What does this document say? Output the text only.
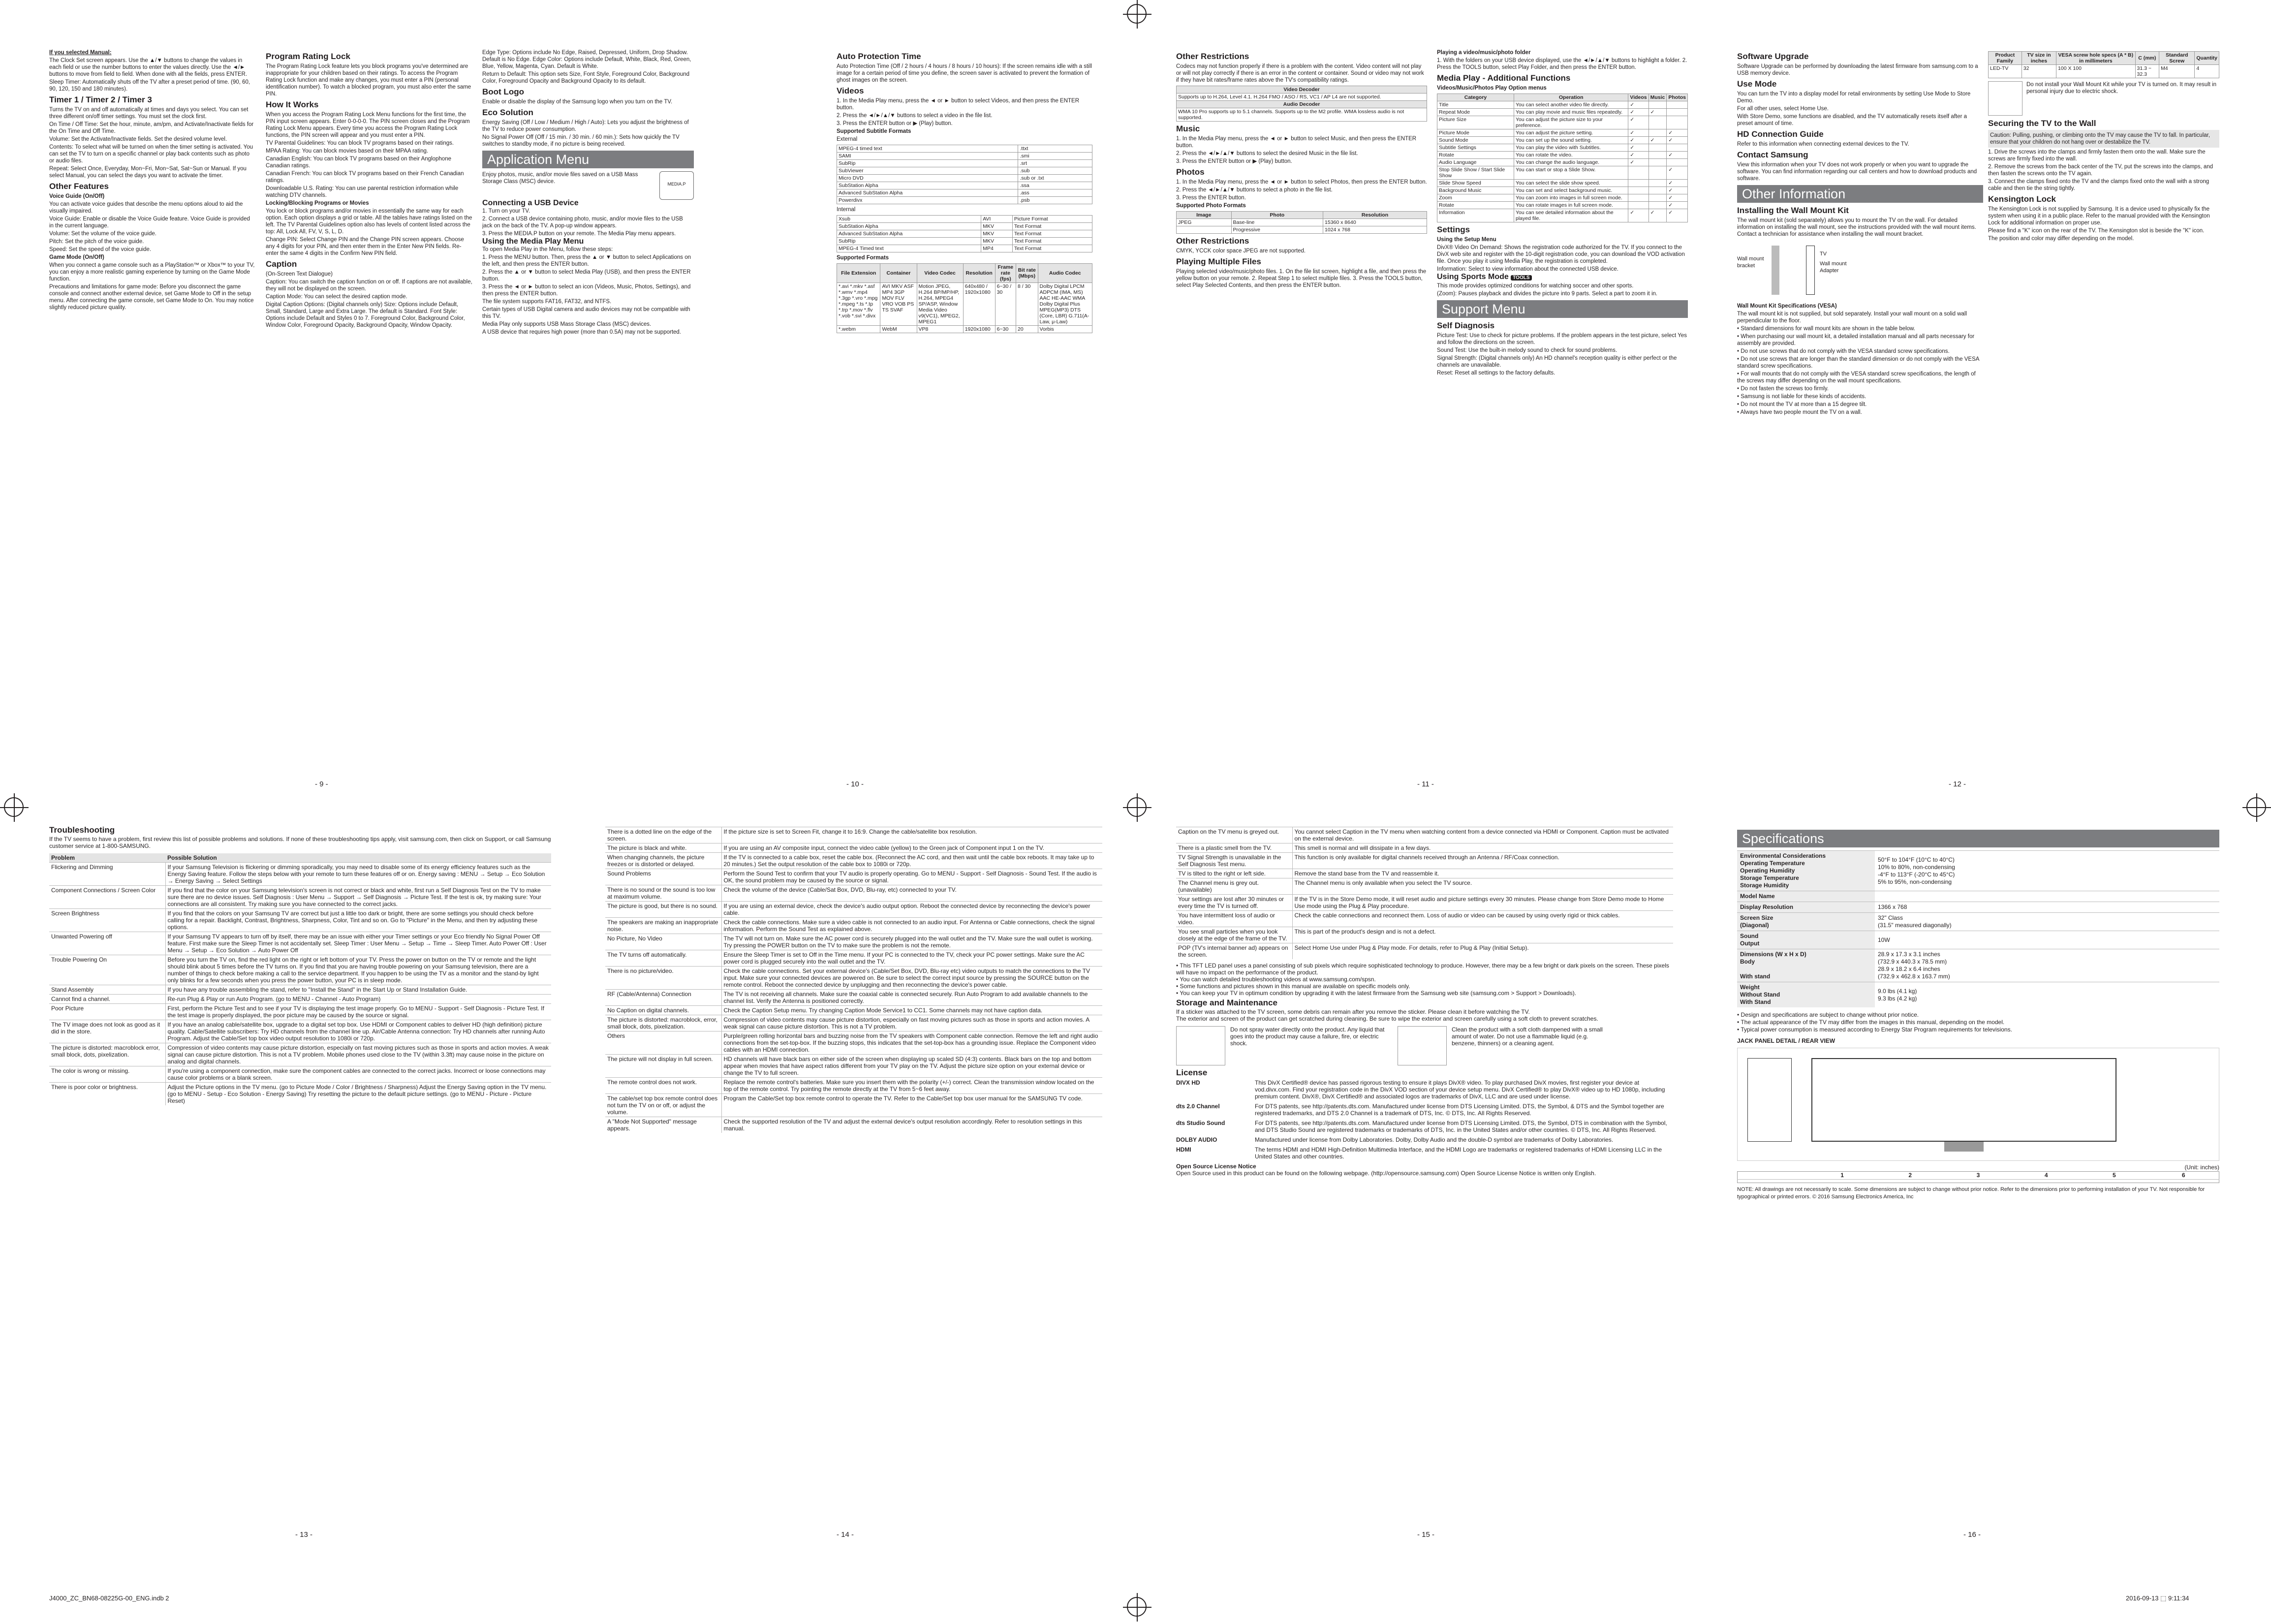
If you selected Manual:

The Clock Set screen appears. Use the ▲/▼ buttons to change the values in each field or use the number buttons to enter the values directly. Use the ◄/► buttons to move from field to field. When done with all the fields, press ENTER.

Sleep Timer: Automatically shuts off the TV after a preset period of time. (90, 60, 90, 120, 150 and 180 minutes).

Timer 1 / Timer 2 / Timer 3

Turns the TV on and off automatically at times and days you select. You can set three different on/off timer settings. You must set the clock first.

On Time / Off Time: Set the hour, minute, am/pm, and Activate/Inactivate fields for the On Time and Off Time.

Volume: Set the Activate/Inactivate fields. Set the desired volume level.

Contents: To select what will be turned on when the timer setting is activated. You can set the TV to turn on a specific channel or play back contents such as photo or audio files.

Repeat: Select Once, Everyday, Mon~Fri, Mon~Sat, Sat~Sun or Manual. If you select Manual, you can select the days you want to activate the timer.

Other Features

Voice Guide (On/Off)

You can activate voice guides that describe the menu options aloud to aid the visually impaired.

Voice Guide: Enable or disable the Voice Guide feature. Voice Guide is provided in the current language.

Volume: Set the volume of the voice guide.

Pitch: Set the pitch of the voice guide.

Speed: Set the speed of the voice guide.

Game Mode (On/Off)

When you connect a game console such as a PlayStation™ or Xbox™ to your TV, you can enjoy a more realistic gaming experience by turning on the Game Mode function.

Precautions and limitations for game mode: Before you disconnect the game console and connect another external device, set Game Mode to Off in the setup menu. After connecting the game console, set Game Mode to On. You may notice slightly reduced picture quality.

Program Rating Lock

The Program Rating Lock feature lets you block programs you've determined are inappropriate for your children based on their ratings. To access the Program Rating Lock function and make any changes, you must enter a PIN (personal identification number). To watch a blocked program, you must also enter the same PIN.

How It Works

When you access the Program Rating Lock Menu functions for the first time, the PIN input screen appears. Enter 0-0-0-0. The PIN screen closes and the Program Rating Lock Menu appears. Every time you access the Program Rating Lock functions, the PIN screen will appear and you must enter a PIN.

TV Parental Guidelines: You can block TV programs based on their ratings.

MPAA Rating: You can block movies based on their MPAA rating.

Canadian English: You can block TV programs based on their Anglophone Canadian ratings.

Canadian French: You can block TV programs based on their French Canadian ratings.

Downloadable U.S. Rating: You can use parental restriction information while watching DTV channels.

Locking/Blocking Programs or Movies

You lock or block programs and/or movies in essentially the same way for each option. Each option displays a grid or table. All the tables have ratings listed on the left. The TV Parental Guidelines option also has levels of content listed across the top: All, Lock All, FV, V, S, L, D.

Change PIN: Select Change PIN and the Change PIN screen appears. Choose any 4 digits for your PIN, and then enter them in the Enter New PIN fields. Re-enter the same 4 digits in the Confirm New PIN field.

Caption

(On-Screen Text Dialogue)

Caption: You can switch the caption function on or off. If captions are not available, they will not be displayed on the screen.

Caption Mode: You can select the desired caption mode.

Digital Caption Options: (Digital channels only) Size: Options include Default, Small, Standard, Large and Extra Large. The default is Standard. Font Style: Options include Default and Styles 0 to 7. Foreground Color, Background Color, Window Color, Foreground Opacity, Background Opacity, Window Opacity.

Edge Type: Options include No Edge, Raised, Depressed, Uniform, Drop Shadow. Default is No Edge. Edge Color: Options include Default, White, Black, Red, Green, Blue, Yellow, Magenta, Cyan. Default is White.

Return to Default: This option sets Size, Font Style, Foreground Color, Background Color, Foreground Opacity and Background Opacity to its default.

Boot Logo

Enable or disable the display of the Samsung logo when you turn on the TV.

Eco Solution

Energy Saving (Off / Low / Medium / High / Auto): Lets you adjust the brightness of the TV to reduce power consumption.

No Signal Power Off (Off / 15 min. / 30 min. / 60 min.): Sets how quickly the TV switches to standby mode, if no picture is being received.

Application Menu

Enjoy photos, music, and/or movie files saved on a USB Mass Storage Class (MSC) device.	MEDIA.P

Connecting a USB Device

1. Turn on your TV.

2. Connect a USB device containing photo, music, and/or movie files to the USB jack on the back of the TV. A pop-up window appears.

3. Press the MEDIA.P button on your remote. The Media Play menu appears.

Using the Media Play Menu

To open Media Play in the Menu, follow these steps:

1. Press the MENU button. Then, press the ▲ or ▼ button to select Applications on the left, and then press the ENTER button.

2. Press the ▲ or ▼ button to select Media Play (USB), and then press the ENTER button.

3. Press the ◄ or ► button to select an icon (Videos, Music, Photos, Settings), and then press the ENTER button.

The file system supports FAT16, FAT32, and NTFS.

Certain types of USB Digital camera and audio devices may not be compatible with this TV.

Media Play only supports USB Mass Storage Class (MSC) devices.

A USB device that requires high power (more than 0.5A) may not be supported.

Auto Protection Time

Auto Protection Time (Off / 2 hours / 4 hours / 8 hours / 10 hours): If the screen remains idle with a still image for a certain period of time you define, the screen saver is activated to prevent the formation of ghost images on the screen.

Videos

1. In the Media Play menu, press the ◄ or ► button to select Videos, and then press the ENTER button.

2. Press the ◄/►/▲/▼ buttons to select a video in the file list.

3. Press the ENTER button or ▶ (Play) button.

Supported Subtitle Formats

External

MPEG-4 timed text	.ttxt
SAMI	.smi
SubRip	.srt
SubViewer	.sub
Micro DVD	.sub or .txt
SubStation Alpha	.ssa
Advanced SubStation Alpha	.ass
Powerdivx	.psb

Internal

Xsub	AVI	Picture Format
SubStation Alpha	MKV	Text Format
Advanced SubStation Alpha	MKV	Text Format
SubRip	MKV	Text Format
MPEG-4 Timed text	MP4	Text Format

Supported Formats

File Extension	Container	Video Codec	Resolution	Frame rate (fps)	Bit rate (Mbps)	Audio Codec
*.avi *.mkv *.asf *.wmv *.mp4 *.3gp *.vro *.mpg *.mpeg *.ts *.tp *.trp *.mov *.flv *.vob *.svi *.divx	AVI MKV ASF MP4 3GP MOV FLV VRO VOB PS TS SVAF	Motion JPEG, H.264 BP/MP/HP, H.264, MPEG4 SP/ASP, Window Media Video v9(VC1), MPEG2, MPEG1	640x480 / 1920x1080	6~30 / 30	8 / 30	Dolby Digital LPCM ADPCM (IMA, MS) AAC HE-AAC WMA Dolby Digital Plus MPEG(MP3) DTS (Core, LBR) G.711(A-Law, μ-Law)
*.webm	WebM	VP8	1920x1080	6~30	20	Vorbis
Other Restrictions

Codecs may not function properly if there is a problem with the content. Video content will not play or will not play correctly if there is an error in the content or container. Sound or video may not work if they have bit rates/frame rates above the TV's compatibility ratings.

Video Decoder
Supports up to H.264, Level 4.1. H.264 FMO / ASO / RS, VC1 / AP L4 are not supported.
Audio Decoder
WMA 10 Pro supports up to 5.1 channels. Supports up to the M2 profile. WMA lossless audio is not supported.
Music

1. In the Media Play menu, press the ◄ or ► button to select Music, and then press the ENTER button.

2. Press the ◄/►/▲/▼ buttons to select the desired Music in the file list.

3. Press the ENTER button or ▶ (Play) button.

Photos

1. In the Media Play menu, press the ◄ or ► button to select Photos, then press the ENTER button.

2. Press the ◄/►/▲/▼ buttons to select a photo in the file list.

3. Press the ENTER button.

Supported Photo Formats

Image	Photo	Resolution
JPEG	Base-line	15360 x 8640
	Progressive	1024 x 768
Other Restrictions

CMYK, YCCK color space JPEG are not supported.

Playing Multiple Files

Playing selected video/music/photo files. 1. On the file list screen, highlight a file, and then press the yellow button on your remote. 2. Repeat Step 1 to select multiple files. 3. Press the TOOLS button, select Play Selected Contents, and then press the ENTER button.

Playing a video/music/photo folder

1. With the folders on your USB device displayed, use the ◄/►/▲/▼ buttons to highlight a folder. 2. Press the TOOLS button, select Play Folder, and then press the ENTER button.

Media Play - Additional Functions

Videos/Music/Photos Play Option menus

Category	Operation	Videos	Music	Photos
Title	You can select another video file directly.	✓		
Repeat Mode	You can play movie and music files repeatedly.	✓	✓	
Picture Size	You can adjust the picture size to your preference.	✓		
Picture Mode	You can adjust the picture setting.	✓		✓
Sound Mode	You can set up the sound setting.	✓	✓	✓
Subtitle Settings	You can play the video with Subtitles.	✓		
Rotate	You can rotate the video.	✓		✓
Audio Language	You can change the audio language.	✓		
Stop Slide Show / Start Slide Show	You can start or stop a Slide Show.			✓
Slide Show Speed	You can select the slide show speed.			✓
Background Music	You can set and select background music.			✓
Zoom	You can zoom into images in full screen mode.			✓
Rotate	You can rotate images in full screen mode.			✓
Information	You can see detailed information about the played file.	✓	✓	✓
Settings

Using the Setup Menu

DivX® Video On Demand: Shows the registration code authorized for the TV. If you connect to the DivX web site and register with the 10-digit registration code, you can download the VOD activation file. Once you play it using Media Play, the registration is completed.

Information: Select to view information about the connected USB device.

Using Sports Mode TOOLS

This mode provides optimized conditions for watching soccer and other sports.

(Zoom): Pauses playback and divides the picture into 9 parts. Select a part to zoom it in.

Support Menu
Self Diagnosis

Picture Test: Use to check for picture problems. If the problem appears in the test picture, select Yes and follow the directions on the screen.

Sound Test: Use the built-in melody sound to check for sound problems.

Signal Strength: (Digital channels only) An HD channel's reception quality is either perfect or the channels are unavailable.

Reset: Reset all settings to the factory defaults.

Software Upgrade

Software Upgrade can be performed by downloading the latest firmware from samsung.com to a USB memory device.

Use Mode

You can turn the TV into a display model for retail environments by setting Use Mode to Store Demo.

For all other uses, select Home Use.

With Store Demo, some functions are disabled, and the TV automatically resets itself after a preset amount of time.

HD Connection Guide

Refer to this information when connecting external devices to the TV.

Contact Samsung

View this information when your TV does not work properly or when you want to upgrade the software. You can find information regarding our call centers and how to download products and software.

Other Information
Installing the Wall Mount Kit

The wall mount kit (sold separately) allows you to mount the TV on the wall. For detailed information on installing the wall mount, see the instructions provided with the wall mount items. Contact a technician for assistance when installing the wall mount bracket.

Wall mount bracket
TV
Wall mount Adapter

Wall Mount Kit Specifications (VESA)

The wall mount kit is not supplied, but sold separately. Install your wall mount on a solid wall perpendicular to the floor.

• Standard dimensions for wall mount kits are shown in the table below.

• When purchasing our wall mount kit, a detailed installation manual and all parts necessary for assembly are provided.

• Do not use screws that do not comply with the VESA standard screw specifications.

• Do not use screws that are longer than the standard dimension or do not comply with the VESA standard screw specifications.

• For wall mounts that do not comply with the VESA standard screw specifications, the length of the screws may differ depending on the wall mount specifications.

• Do not fasten the screws too firmly.

• Samsung is not liable for these kinds of accidents.

• Do not mount the TV at more than a 15 degree tilt.

• Always have two people mount the TV on a wall.

Product Family	TV size in inches	VESA screw hole specs (A * B) in millimeters	C (mm)	Standard Screw	Quantity
LED-TV	32	100 X 100	31.3 ~ 32.3	M4	4

Do not install your Wall Mount Kit while your TV is turned on. It may result in personal injury due to electric shock.

Securing the TV to the Wall

Caution: Pulling, pushing, or climbing onto the TV may cause the TV to fall. In particular, ensure that your children do not hang over or destabilize the TV.

1. Drive the screws into the clamps and firmly fasten them onto the wall. Make sure the screws are firmly fixed into the wall.

2. Remove the screws from the back center of the TV, put the screws into the clamps, and then fasten the screws onto the TV again.

3. Connect the clamps fixed onto the TV and the clamps fixed onto the wall with a strong cable and then tie the string tightly.

Kensington Lock

The Kensington Lock is not supplied by Samsung. It is a device used to physically fix the system when using it in a public place. Refer to the manual provided with the Kensington Lock for additional information on proper use.

Please find a "K" icon on the rear of the TV. The Kensington slot is beside the "K" icon.

The position and color may differ depending on the model.

- 9 -	- 10 -	- 11 -	- 12 -
Troubleshooting

If the TV seems to have a problem, first review this list of possible problems and solutions. If none of these troubleshooting tips apply, visit samsung.com, then click on Support, or call Samsung customer service at 1-800-SAMSUNG.

Problem	Possible Solution
Flickering and Dimming	If your Samsung Television is flickering or dimming sporadically, you may need to disable some of its energy efficiency features such as the Energy Saving feature. Follow the steps below with your remote to turn these features off or on. Energy saving : MENU → Setup → Eco Solution → Energy Saving → Select Settings
Component Connections / Screen Color	If you find that the color on your Samsung television's screen is not correct or black and white, first run a Self Diagnosis Test on the TV to make sure there are no device issues. Self Diagnosis : User Menu → Support → Self Diagnosis → Picture Test. If the test is ok, try making sure: Your connections are all consistent. Try making sure you have connected to the correct jacks.
Screen Brightness	If you find that the colors on your Samsung TV are correct but just a little too dark or bright, there are some settings you should check before calling for a repair. Backlight, Contrast, Brightness, Sharpness, Color, Tint and so on. Go to "Picture" in the Menu, and then try adjusting these options.
Unwanted Powering off	If your Samsung TV appears to turn off by itself, there may be an issue with either your Timer settings or your Eco friendly No Signal Power Off feature. First make sure the Sleep Timer is not accidentally set. Sleep Timer : User Menu → Setup → Time → Sleep Timer. Auto Power Off : User Menu → Setup → Eco Solution → Auto Power Off
Trouble Powering On	Before you turn the TV on, find the red light on the right or left bottom of your TV. Press the power on button on the TV or remote and the light should blink about 5 times before the TV turns on. If you find that you are having trouble powering on your Samsung television, there are a number of things to check before making a call to the service department. If you happen to be using the TV as a monitor and the stand-by light only blinks for a few seconds when you press the power button, your PC is in sleep mode.
Stand Assembly	If you have any trouble assembling the stand, refer to "Install the Stand" in the Start Up or Stand Installation Guide.
Cannot find a channel.	Re-run Plug & Play or run Auto Program. (go to MENU - Channel - Auto Program)
Poor Picture	First, perform the Picture Test and to see if your TV is displaying the test image properly. Go to MENU - Support - Self Diagnosis - Picture Test. If the test image is properly displayed, the poor picture may be caused by the source or signal.
The TV image does not look as good as it did in the store.	If you have an analog cable/satellite box, upgrade to a digital set top box. Use HDMI or Component cables to deliver HD (high definition) picture quality. Cable/Satellite subscribers: Try HD channels from the channel line up. Air/Cable Antenna connection: Try HD channels after running Auto Program. Adjust the Cable/Set top box video output resolution to 1080i or 720p.
The picture is distorted: macroblock error, small block, dots, pixelization.	Compression of video contents may cause picture distortion, especially on fast moving pictures such as those in sports and action movies. A weak signal can cause picture distortion. This is not a TV problem. Mobile phones used close to the TV (within 3.3ft) may cause noise in the picture on analog and digital channels.
The color is wrong or missing.	If you're using a component connection, make sure the component cables are connected to the correct jacks. Incorrect or loose connections may cause color problems or a blank screen.
There is poor color or brightness.	Adjust the Picture options in the TV menu. (go to Picture Mode / Color / Brightness / Sharpness) Adjust the Energy Saving option in the TV menu. (go to MENU - Setup - Eco Solution - Energy Saving) Try resetting the picture to the default picture settings. (go to MENU - Picture - Picture Reset)
There is a dotted line on the edge of the screen.	If the picture size is set to Screen Fit, change it to 16:9. Change the cable/satellite box resolution.
The picture is black and white.	If you are using an AV composite input, connect the video cable (yellow) to the Green jack of Component input 1 on the TV.
When changing channels, the picture freezes or is distorted or delayed.	If the TV is connected to a cable box, reset the cable box. (Reconnect the AC cord, and then wait until the cable box reboots. It may take up to 20 minutes.) Set the output resolution of the cable box to 1080i or 720p.
Sound Problems	Perform the Sound Test to confirm that your TV audio is properly operating. Go to MENU - Support - Self Diagnosis - Sound Test. If the audio is OK, the sound problem may be caused by the source or signal.
There is no sound or the sound is too low at maximum volume.	Check the volume of the device (Cable/Sat Box, DVD, Blu-ray, etc) connected to your TV.
The picture is good, but there is no sound.	If you are using an external device, check the device's audio output option. Reboot the connected device by reconnecting the device's power cable.
The speakers are making an inappropriate noise.	Check the cable connections. Make sure a video cable is not connected to an audio input. For Antenna or Cable connections, check the signal information. Perform the Sound Test as explained above.
No Picture, No Video	The TV will not turn on. Make sure the AC power cord is securely plugged into the wall outlet and the TV. Make sure the wall outlet is working. Try pressing the POWER button on the TV to make sure the problem is not the remote.
The TV turns off automatically.	Ensure the Sleep Timer is set to Off in the Time menu. If your PC is connected to the TV, check your PC power settings. Make sure the AC power cord is plugged securely into the wall outlet and the TV.
There is no picture/video.	Check the cable connections. Set your external device's (Cable/Set Box, DVD, Blu-ray etc) video outputs to match the connections to the TV input. Make sure your connected devices are powered on. Be sure to select the correct input source by pressing the SOURCE button on the remote control. Reboot the connected device by unplugging and then reconnecting the device's power cable.
RF (Cable/Antenna) Connection	The TV is not receiving all channels. Make sure the coaxial cable is connected securely. Run Auto Program to add available channels to the channel list. Verify the Antenna is positioned correctly.
No Caption on digital channels.	Check the Caption Setup menu. Try changing Caption Mode Service1 to CC1. Some channels may not have caption data.
The picture is distorted: macroblock, error, small block, dots, pixelization.	Compression of video contents may cause picture distortion, especially on fast moving pictures such as those in sports and action movies. A weak signal can cause picture distortion. This is not a TV problem.
Others	Purple/green rolling horizontal bars and buzzing noise from the TV speakers with Component cable connection. Remove the left and right audio connections from the set-top-box. If the buzzing stops, this indicates that the set-top-box has a grounding issue. Replace the Component video cables with an HDMI connection.
The picture will not display in full screen.	HD channels will have black bars on either side of the screen when displaying up scaled SD (4:3) contents. Black bars on the top and bottom appear when movies that have aspect ratios different from your TV play on the TV. Adjust the picture size option on your external device or change the TV to full screen.
The remote control does not work.	Replace the remote control's batteries. Make sure you insert them with the polarity (+/-) correct. Clean the transmission window located on the top of the remote control. Try pointing the remote directly at the TV from 5~6 feet away.
The cable/set top box remote control does not turn the TV on or off, or adjust the volume.	Program the Cable/Set top box remote control to operate the TV. Refer to the Cable/Set top box user manual for the SAMSUNG TV code.
A "Mode Not Supported" message appears.	Check the supported resolution of the TV and adjust the external device's output resolution accordingly. Refer to resolution settings in this manual.
Caption on the TV menu is greyed out.	You cannot select Caption in the TV menu when watching content from a device connected via HDMI or Component. Caption must be activated on the external device.
There is a plastic smell from the TV.	This smell is normal and will dissipate in a few days.
TV Signal Strength is unavailable in the Self Diagnosis Test menu.	This function is only available for digital channels received through an Antenna / RF/Coax connection.
TV is tilted to the right or left side.	Remove the stand base from the TV and reassemble it.
The Channel menu is grey out. (unavailable)	The Channel menu is only available when you select the TV source.
Your settings are lost after 30 minutes or every time the TV is turned off.	If the TV is in the Store Demo mode, it will reset audio and picture settings every 30 minutes. Please change from Store Demo mode to Home Use mode using the Plug & Play procedure.
You have intermittent loss of audio or video.	Check the cable connections and reconnect them. Loss of audio or video can be caused by using overly rigid or thick cables.
You see small particles when you look closely at the edge of the frame of the TV.	This is part of the product's design and is not a defect.
POP (TV's internal banner ad) appears on the screen.	Select Home Use under Plug & Play mode. For details, refer to Plug & Play (Initial Setup).

• This TFT LED panel uses a panel consisting of sub pixels which require sophisticated technology to produce. However, there may be a few bright or dark pixels on the screen. These pixels will have no impact on the performance of the product.

• You can watch detailed troubleshooting videos at www.samsung.com/spsn.

• Some functions and pictures shown in this manual are available on specific models only.

• You can keep your TV in optimum condition by upgrading it with the latest firmware from the Samsung web site (samsung.com > Support > Downloads).

Storage and Maintenance

If a sticker was attached to the TV screen, some debris can remain after you remove the sticker. Please clean it before watching the TV.

The exterior and screen of the product can get scratched during cleaning. Be sure to wipe the exterior and screen carefully using a soft cloth to prevent scratches.

Do not spray water directly onto the product. Any liquid that goes into the product may cause a failure, fire, or electric shock.

Clean the product with a soft cloth dampened with a small amount of water. Do not use a flammable liquid (e.g. benzene, thinners) or a cleaning agent.

License
DIVX HD	This DivX Certified® device has passed rigorous testing to ensure it plays DivX® video. To play purchased DivX movies, first register your device at vod.divx.com. Find your registration code in the DivX VOD section of your device setup menu. DivX Certified® to play DivX® video up to HD 1080p, including premium content. DivX®, DivX Certified® and associated logos are trademarks of DivX, LLC and are used under license.
dts 2.0 Channel	For DTS patents, see http://patents.dts.com. Manufactured under license from DTS Licensing Limited. DTS, the Symbol, & DTS and the Symbol together are registered trademarks, and DTS 2.0 Channel is a trademark of DTS, Inc. © DTS, Inc. All Rights Reserved.
dts Studio Sound	For DTS patents, see http://patents.dts.com. Manufactured under license from DTS Licensing Limited. DTS, the Symbol, DTS in combination with the Symbol, and DTS Studio Sound are registered trademarks or trademarks of DTS, Inc. in the United States and/or other countries. © DTS, Inc. All Rights Reserved.
DOLBY AUDIO	Manufactured under license from Dolby Laboratories. Dolby, Dolby Audio and the double-D symbol are trademarks of Dolby Laboratories.
HDMI	The terms HDMI and HDMI High-Definition Multimedia Interface, and the HDMI Logo are trademarks or registered trademarks of HDMI Licensing LLC in the United States and other countries.

Open Source License Notice

Open Source used in this product can be found on the following webpage. (http://opensource.samsung.com) Open Source License Notice is written only English.

Specifications
Environmental Considerations
Operating Temperature
Operating Humidity
Storage Temperature
Storage Humidity	50°F to 104°F (10°C to 40°C)
10% to 80%, non-condensing
-4°F to 113°F (-20°C to 45°C)
5% to 95%, non-condensing
Model Name	
Display Resolution	1366 x 768
Screen Size
(Diagonal)	32" Class
(31.5" measured diagonally)
Sound
Output	10W
Dimensions (W x H x D)
Body

With stand	28.9 x 17.3 x 3.1 inches
(732.9 x 440.3 x 78.5 mm)
28.9 x 18.2 x 6.4 inches
(732.9 x 462.8 x 163.7 mm)
Weight
Without Stand
With Stand	9.0 lbs (4.1 kg)
9.3 lbs (4.2 kg)

• Design and specifications are subject to change without prior notice.

• The actual appearance of the TV may differ from the images in this manual, depending on the model.

• Typical power consumption is measured according to Energy Star Program requirements for televisions.

JACK PANEL DETAIL / REAR VIEW

(Unit: inches)

	1	2	3	4	5	6

NOTE: All drawings are not necessarily to scale. Some dimensions are subject to change without prior notice. Refer to the dimensions prior to performing installation of your TV. Not responsible for typographical or printed errors. © 2016 Samsung Electronics America, Inc

- 13 -	- 14 -	- 15 -	- 16 -
J4000_ZC_BN68-08225G-00_ENG.indb 2	2016-09-13 ⬚ 9:11:34
